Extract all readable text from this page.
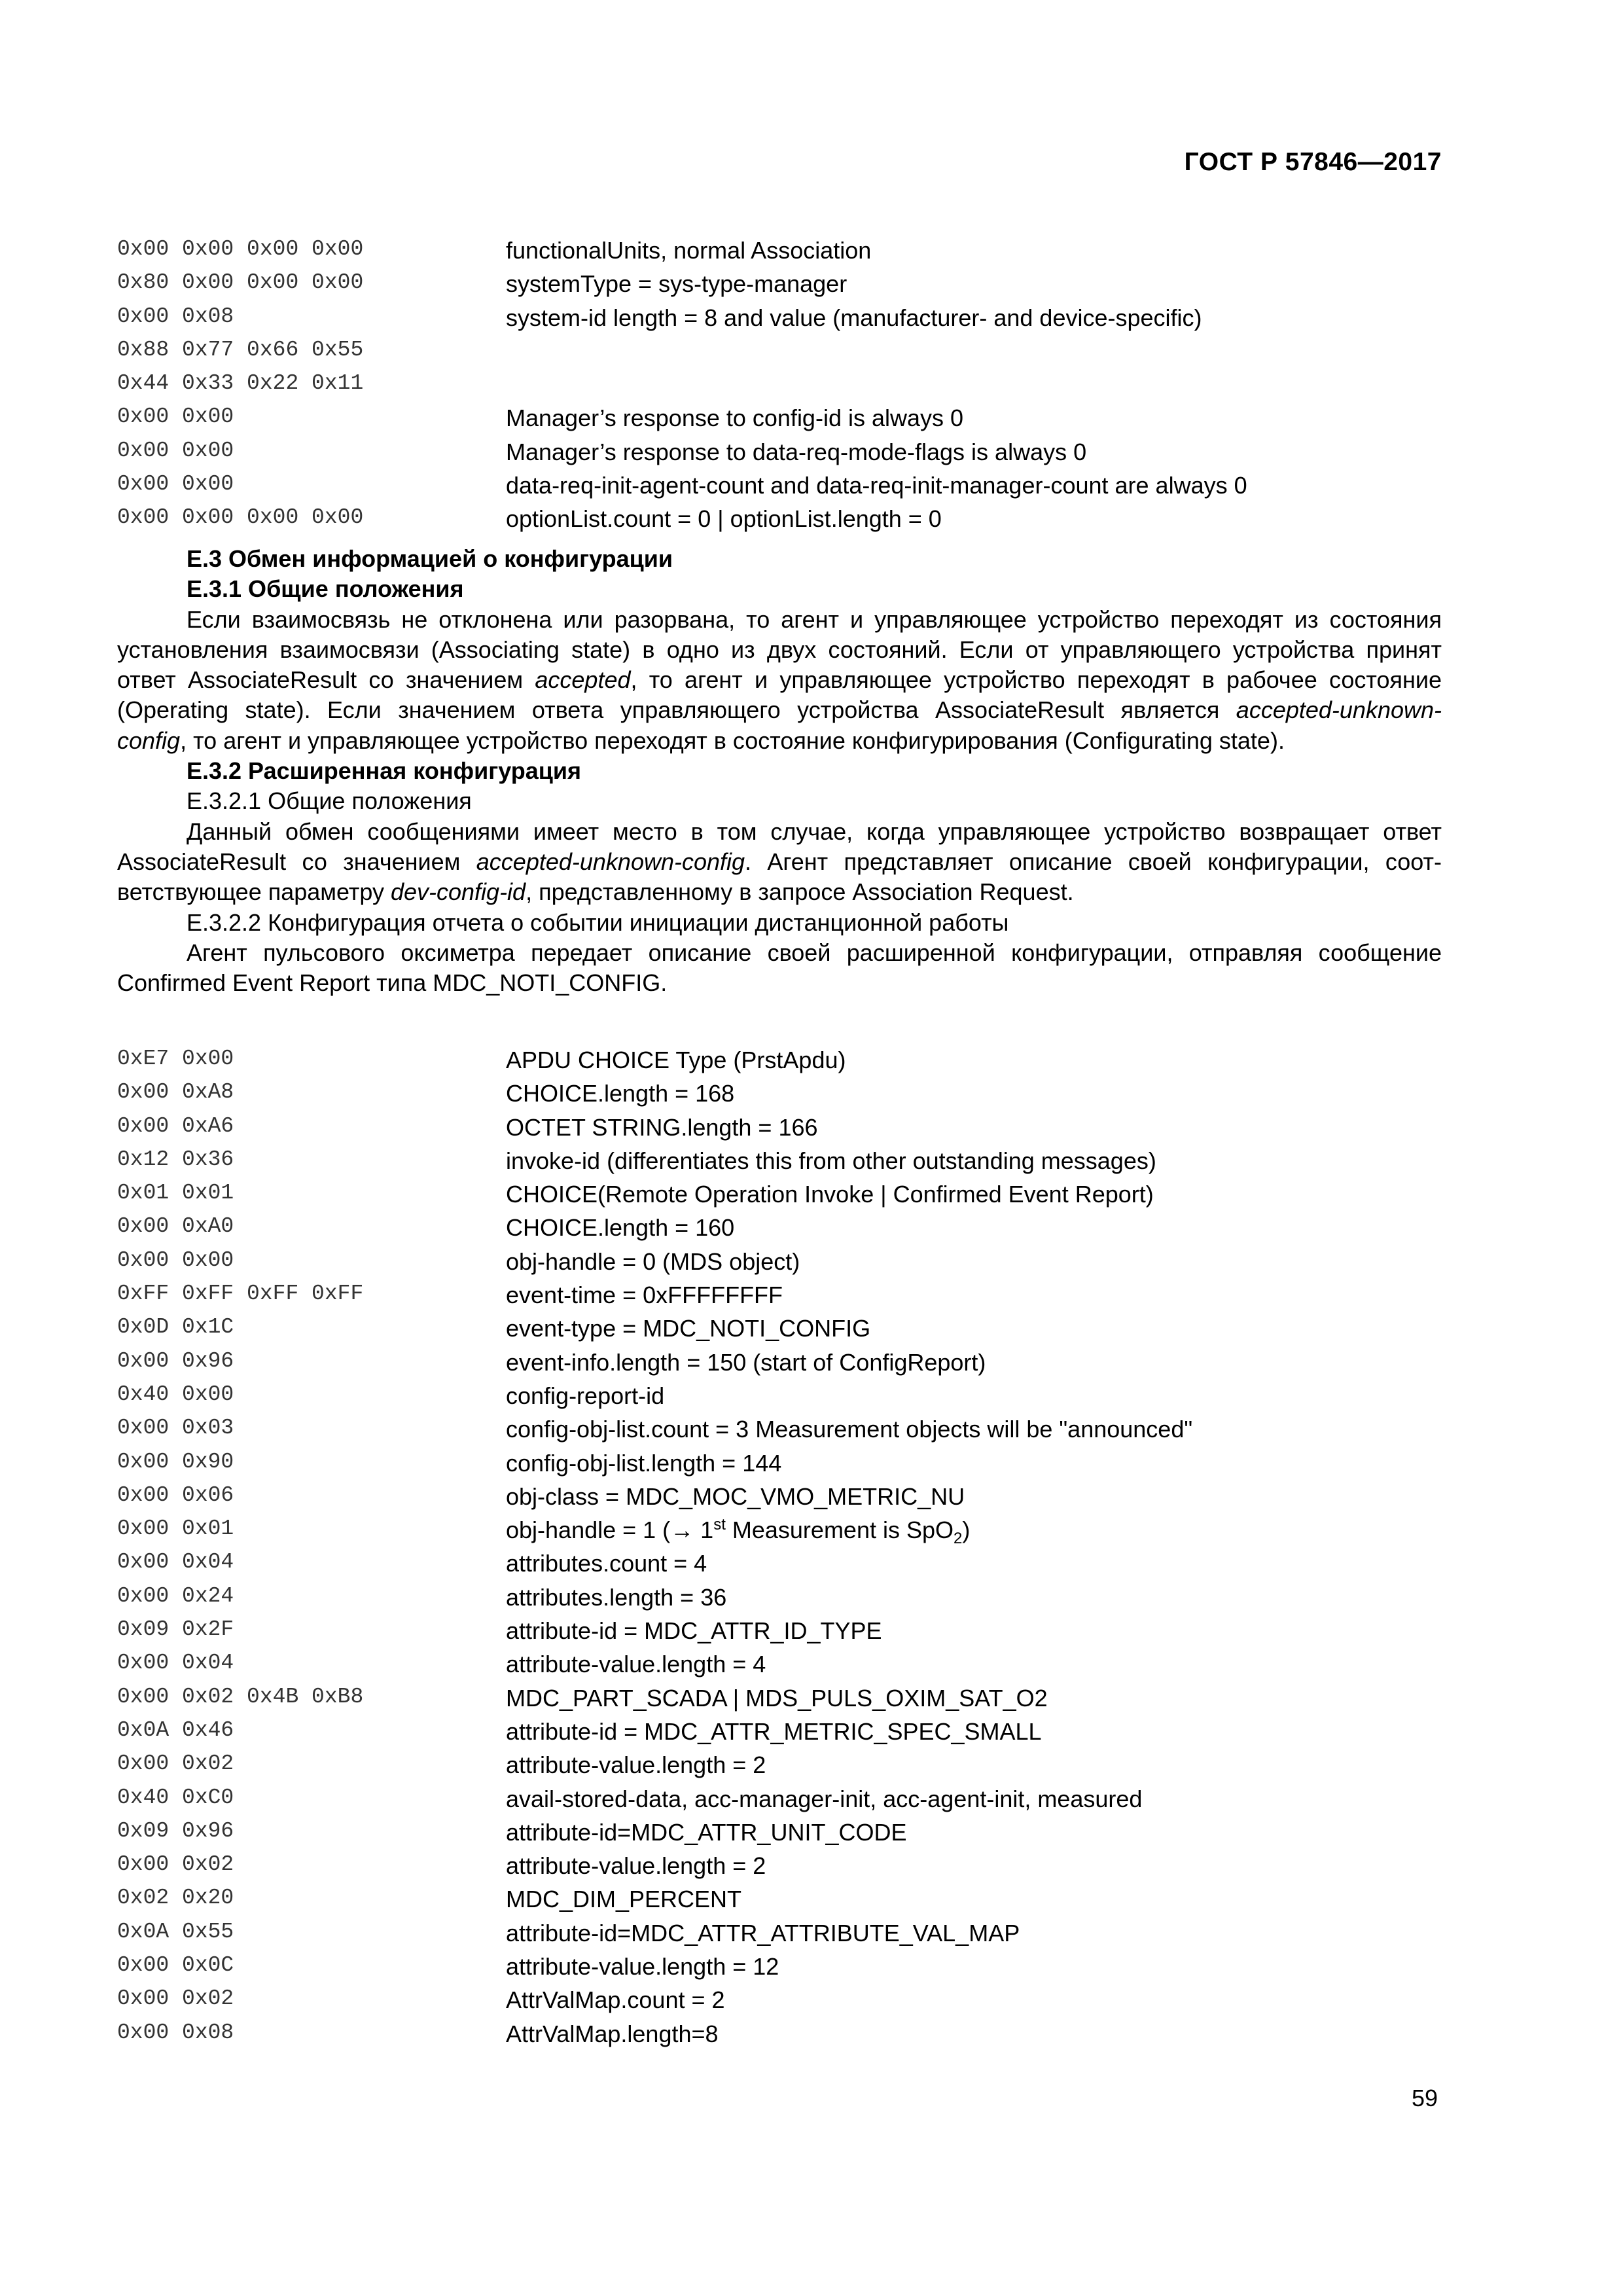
ГОСТ Р 57846—2017
0x00 0x00 0x00 0x00	functionalUnits, normal Association
0x80 0x00 0x00 0x00	systemType = sys-type-manager
0x00 0x08	system-id length = 8 and value (manufacturer- and device-specific)
0x88 0x77 0x66 0x55
0x44 0x33 0x22 0x11
0x00 0x00	Manager’s response to config-id is always 0
0x00 0x00	Manager’s response to data-req-mode-flags is always 0
0x00 0x00	data-req-init-agent-count and data-req-init-manager-count are always 0
0x00 0x00 0x00 0x00	optionList.count = 0 | optionList.length = 0
Е.3 Обмен информацией о конфигурации
Е.3.1 Общие положения
Если взаимосвязь не отклонена или разорвана, то агент и управляющее устройство переходят из состояния
установления взаимосвязи (Associating state) в одно из двух состояний. Если от управляющего устройства принят
ответ AssociateResult со значением accepted, то агент и управляющее устройство переходят в рабочее состояние
(Operating state). Если значением ответа управляющего устройства AssociateResult является accepted-unknown-
config, то агент и управляющее устройство переходят в состояние конфигурирования (Configurating state).
Е.3.2 Расширенная конфигурация
Е.3.2.1 Общие положения
Данный обмен сообщениями имеет место в том случае, когда управляющее устройство возвращает ответ
AssociateResult со значением accepted-unknown-config. Агент представляет описание своей конфигурации, соот-
ветствующее параметру dev-config-id, представленному в запросе Association Request.
Е.3.2.2 Конфигурация отчета о событии инициации дистанционной работы
Агент пульсового оксиметра передает описание своей расширенной конфигурации, отправляя сообщение
Confirmed Event Report типа MDC_NOTI_CONFIG.
0xE7 0x00	APDU CHOICE Type (PrstApdu)
0x00 0xA8	CHOICE.length = 168
0x00 0xA6	OCTET STRING.length = 166
0x12 0x36	invoke-id (differentiates this from other outstanding messages)
0x01 0x01	CHOICE(Remote Operation Invoke | Confirmed Event Report)
0x00 0xA0	CHOICE.length = 160
0x00 0x00	obj-handle = 0 (MDS object)
0xFF 0xFF 0xFF 0xFF	event-time = 0xFFFFFFFF
0x0D 0x1C	event-type = MDC_NOTI_CONFIG
0x00 0x96	event-info.length = 150 (start of ConfigReport)
0x40 0x00	config-report-id
0x00 0x03	config-obj-list.count = 3 Measurement objects will be "announced"
0x00 0x90	config-obj-list.length = 144
0x00 0x06	obj-class = MDC_MOC_VMO_METRIC_NU
0x00 0x01	obj-handle = 1 (→ 1st Measurement is SpO$_2$)
0x00 0x04	attributes.count = 4
0x00 0x24	attributes.length = 36
0x09 0x2F	attribute-id = MDC_ATTR_ID_TYPE
0x00 0x04	attribute-value.length = 4
0x00 0x02 0x4B 0xB8	MDC_PART_SCADA | MDS_PULS_OXIM_SAT_O2
0x0A 0x46	attribute-id = MDC_ATTR_METRIC_SPEC_SMALL
0x00 0x02	attribute-value.length = 2
0x40 0xC0	avail-stored-data, acc-manager-init, acc-agent-init, measured
0x09 0x96	attribute-id=MDC_ATTR_UNIT_CODE
0x00 0x02	attribute-value.length = 2
0x02 0x20	MDC_DIM_PERCENT
0x0A 0x55	attribute-id=MDC_ATTR_ATTRIBUTE_VAL_MAP
0x00 0x0C	attribute-value.length = 12
0x00 0x02	AttrValMap.count = 2
0x00 0x08	AttrValMap.length=8
59
